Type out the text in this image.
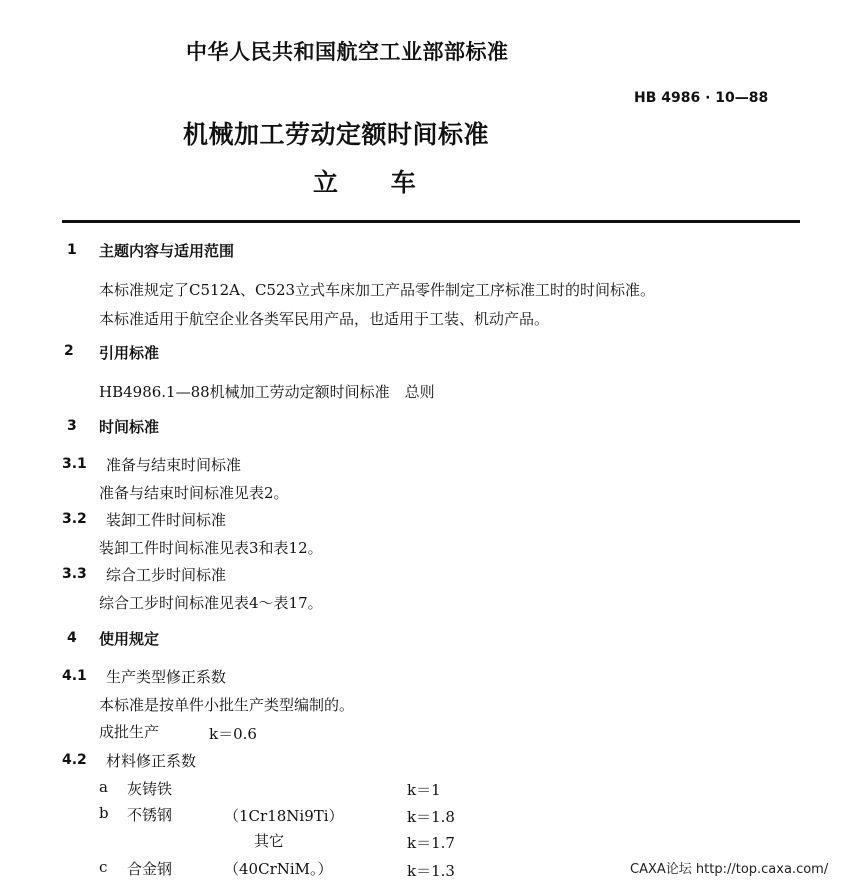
中华人民共和国航空工业部部标准
HB 4986 · 10—88
机械加工劳动定额时间标准
立 车
1 主题内容与适用范围
本标准规定了C512A、C523立式车床加工产品零件制定工序标准工时的时间标准。
本标准适用于航空企业各类军民用产品，也适用于工装、机动产品。
2 引用标准
HB4986.1—88机械加工劳动定额时间标准　总则
3 时间标准
3.1 准备与结束时间标准
准备与结束时间标准见表2。
3.2 装卸工件时间标准
装卸工件时间标准见表3和表12。
3.3 综合工步时间标准
综合工步时间标准见表4～表17。
4 使用规定
4.1 生产类型修正系数
本标准是按单件小批生产类型编制的。
成批生产	k＝0.6
4.2 材料修正系数
a 灰铸铁	k＝1
b 不锈钢	（1Cr18Ni9Ti）	k＝1.8
其它	k＝1.7
c 合金钢	（40CrNiM。）	k＝1.3	CAXA论坛 http://top.caxa.com/
